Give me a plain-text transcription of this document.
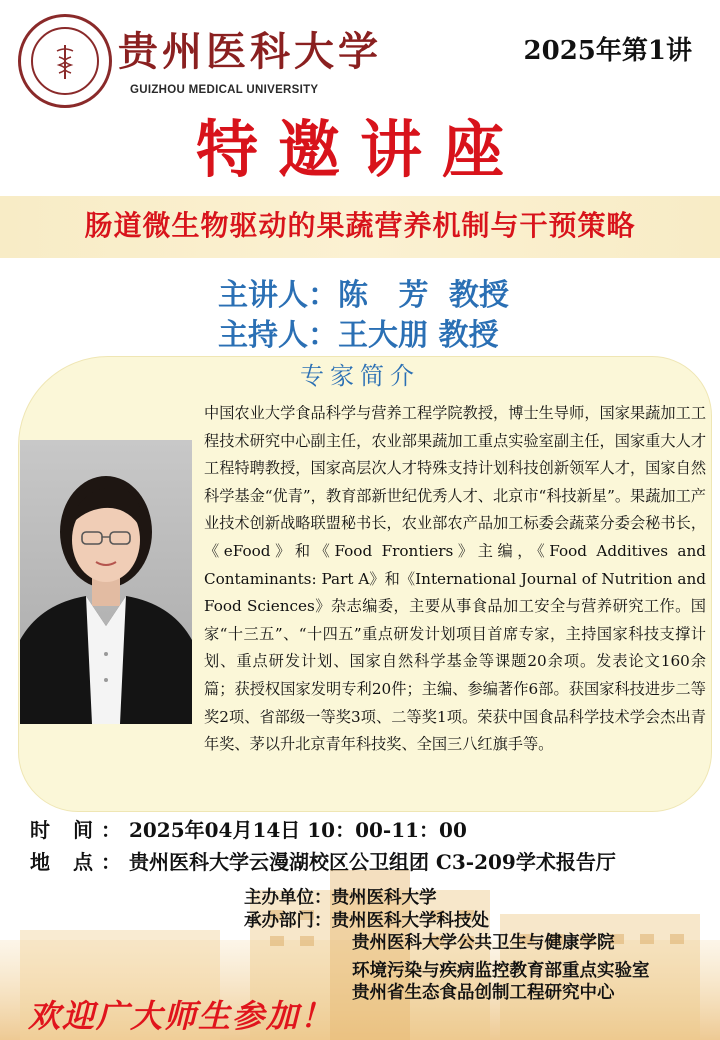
贵州医科大学
GUIZHOU MEDICAL UNIVERSITY
2025年第1讲
特邀讲座
肠道微生物驱动的果蔬营养机制与干预策略
主讲人：陈 芳 教授
主持人：王大朋 教授
专家简介
中国农业大学食品科学与营养工程学院教授，博士生导师，国家果蔬加工工程技术研究中心副主任，农业部果蔬加工重点实验室副主任，国家重大人才工程特聘教授，国家高层次人才特殊支持计划科技创新领军人才，国家自然科学基金“优青”，教育部新世纪优秀人才、北京市“科技新星”。果蔬加工产业技术创新战略联盟秘书长，农业部农产品加工标委会蔬菜分委会秘书长，《eFood》和《Food Frontiers》主编，《Food Additives and Contaminants: Part A》和《International Journal of Nutrition and Food Sciences》杂志编委，主要从事食品加工安全与营养研究工作。国家“十三五”、“十四五”重点研发计划项目首席专家，主持国家科技支撑计划、重点研发计划、国家自然科学基金等课题20余项。发表论文160余篇；获授权国家发明专利20件；主编、参编著作6部。获国家科技进步二等奖2项、省部级一等奖3项、二等奖1项。荣获中国食品科学技术学会杰出青年奖、茅以升北京青年科技奖、全国三八红旗手等。
时 间：2025年04月14日 10：00-11：00
地 点：贵州医科大学云漫湖校区公卫组团 C3-209学术报告厅
主办单位：贵州医科大学
承办部门：贵州医科大学科技处
贵州医科大学公共卫生与健康学院
环境污染与疾病监控教育部重点实验室
贵州省生态食品创制工程研究中心
欢迎广大师生参加！
